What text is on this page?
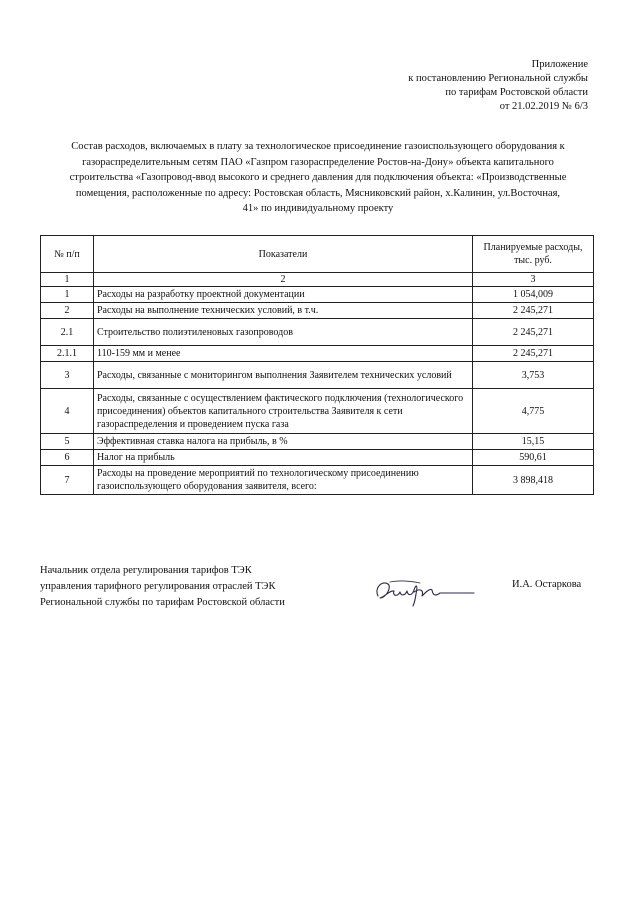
Приложение
к постановлению Региональной службы
по тарифам Ростовской области
от 21.02.2019 № 6/3
Состав расходов, включаемых в плату за технологическое присоединение газоиспользующего оборудования к
газораспределительным сетям ПАО «Газпром газораспределение Ростов-на-Дону» объекта капитального
строительства «Газопровод-ввод высокого и среднего давления для подключения объекта: «Производственные
помещения, расположенные по адресу: Ростовская область, Мясниковский район, х.Калинин, ул.Восточная,
41» по индивидуальному проекту
№ п/п	Показатели	Планируемые расходы,
тыс. руб.
1	2	3
1	Расходы на разработку проектной документации	1 054,009
2	Расходы на выполнение технических условий, в т.ч.	2 245,271
2.1	Строительство полиэтиленовых газопроводов	2 245,271
2.1.1	110-159 мм и менее	2 245,271
3	Расходы, связанные с мониторингом выполнения Заявителем технических условий	3,753
4	Расходы, связанные с осуществлением фактического подключения (технологического присоединения) объектов капитального строительства Заявителя к сети газораспределения и проведением пуска газа	4,775
5	Эффективная ставка налога на прибыль, в %	15,15
6	Налог на прибыль	590,61
7	Расходы на проведение мероприятий по технологическому присоединению газоиспользующего оборудования заявителя, всего:	3 898,418
Начальник отдела регулирования тарифов ТЭК
управления тарифного регулирования отраслей ТЭК
Региональной службы по тарифам Ростовской области
И.А. Остаркова
